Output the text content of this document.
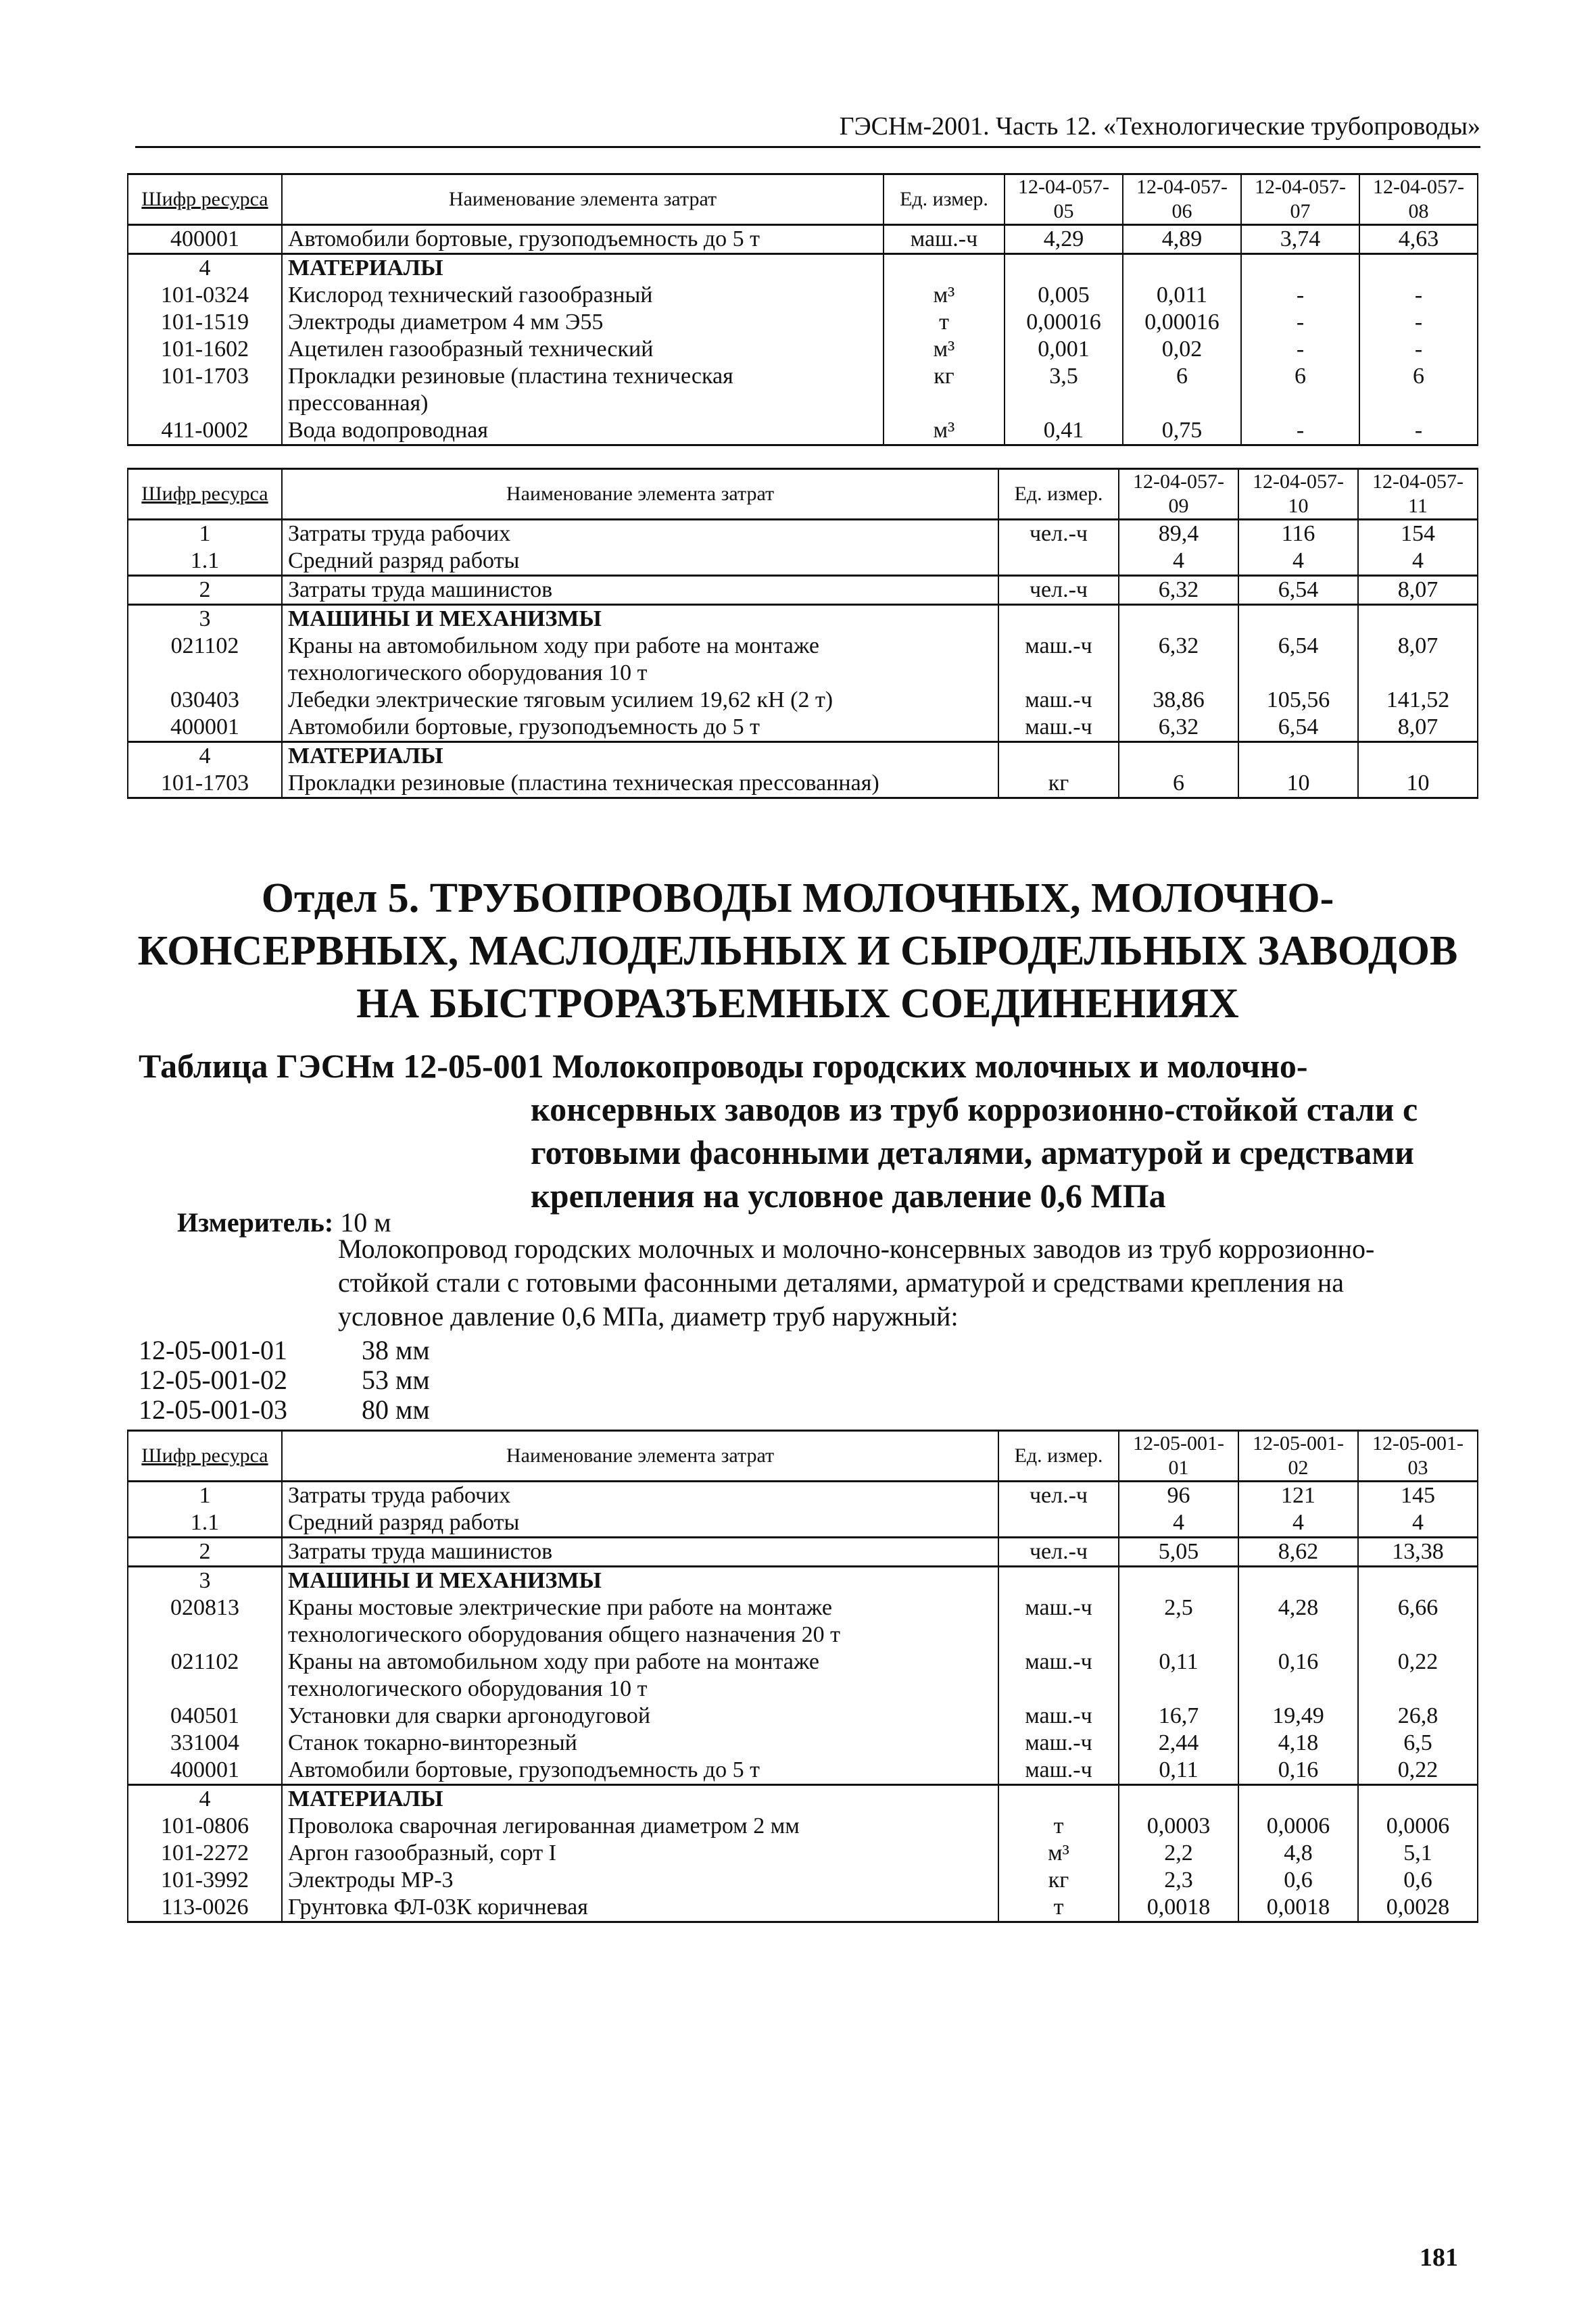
ГЭСНм-2001. Часть 12. «Технологические трубопроводы»
Шифр ресурса	Наименование элемента затрат	Ед. измер.	12-04-057-05	12-04-057-06	12-04-057-07	12-04-057-08
400001	Автомобили бортовые, грузоподъемность до 5 т	маш.-ч	4,29	4,89	3,74	4,63
4	МАТЕРИАЛЫ					
101-0324	Кислород технический газообразный	м³	0,005	0,011	-	-
101-1519	Электроды диаметром 4 мм Э55	т	0,00016	0,00016	-	-
101-1602	Ацетилен газообразный технический	м³	0,001	0,02	-	-
101-1703	Прокладки резиновые (пластина техническая прессованная)	кг	3,5	6	6	6
411-0002	Вода водопроводная	м³	0,41	0,75	-	-
Шифр ресурса	Наименование элемента затрат	Ед. измер.	12-04-057-09	12-04-057-10	12-04-057-11
1	Затраты труда рабочих	чел.-ч	89,4	116	154
1.1	Средний разряд работы		4	4	4
2	Затраты труда машинистов	чел.-ч	6,32	6,54	8,07
3	МАШИНЫ И МЕХАНИЗМЫ				
021102	Краны на автомобильном ходу при работе на монтаже технологического оборудования 10 т	маш.-ч	6,32	6,54	8,07
030403	Лебедки электрические тяговым усилием 19,62 кН (2 т)	маш.-ч	38,86	105,56	141,52
400001	Автомобили бортовые, грузоподъемность до 5 т	маш.-ч	6,32	6,54	8,07
4	МАТЕРИАЛЫ				
101-1703	Прокладки резиновые (пластина техническая прессованная)	кг	6	10	10
Отдел 5. ТРУБОПРОВОДЫ МОЛОЧНЫХ, МОЛОЧНО-КОНСЕРВНЫХ, МАСЛОДЕЛЬНЫХ И СЫРОДЕЛЬНЫХ ЗАВОДОВ НА БЫСТРОРАЗЪЕМНЫХ СОЕДИНЕНИЯХ
Таблица ГЭСНм 12-05-001 Молокопроводы городских молочных и молочно-
консервных заводов из труб коррозионно-стойкой стали с
готовыми фасонными деталями, арматурой и средствами
крепления на условное давление 0,6 МПа
Измеритель: 10 м
Молокопровод городских молочных и молочно-консервных заводов из труб коррозионно-стойкой стали с готовыми фасонными деталями, арматурой и средствами крепления на условное давление 0,6 МПа, диаметр труб наружный:
12-05-001-01	38 мм
12-05-001-02	53 мм
12-05-001-03	80 мм
Шифр ресурса	Наименование элемента затрат	Ед. измер.	12-05-001-01	12-05-001-02	12-05-001-03
1	Затраты труда рабочих	чел.-ч	96	121	145
1.1	Средний разряд работы		4	4	4
2	Затраты труда машинистов	чел.-ч	5,05	8,62	13,38
3	МАШИНЫ И МЕХАНИЗМЫ				
020813	Краны мостовые электрические при работе на монтаже технологического оборудования общего назначения 20 т	маш.-ч	2,5	4,28	6,66
021102	Краны на автомобильном ходу при работе на монтаже технологического оборудования 10 т	маш.-ч	0,11	0,16	0,22
040501	Установки для сварки аргонодуговой	маш.-ч	16,7	19,49	26,8
331004	Станок токарно-винторезный	маш.-ч	2,44	4,18	6,5
400001	Автомобили бортовые, грузоподъемность до 5 т	маш.-ч	0,11	0,16	0,22
4	МАТЕРИАЛЫ				
101-0806	Проволока сварочная легированная диаметром 2 мм	т	0,0003	0,0006	0,0006
101-2272	Аргон газообразный, сорт I	м³	2,2	4,8	5,1
101-3992	Электроды МР-3	кг	2,3	0,6	0,6
113-0026	Грунтовка ФЛ-03К коричневая	т	0,0018	0,0018	0,0028
181
